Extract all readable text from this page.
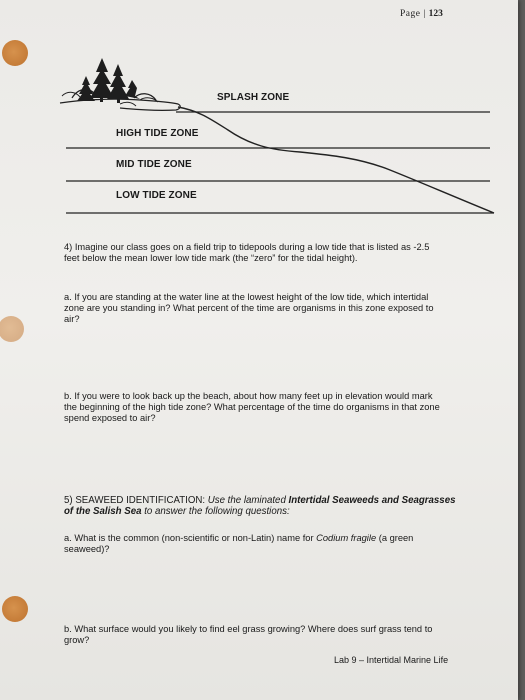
Page | 123
SPLASH ZONE
HIGH TIDE ZONE
MID TIDE ZONE
LOW TIDE ZONE
4) Imagine our class goes on a field trip to tidepools during a low tide that is listed as -2.5 feet below the mean lower low tide mark (the “zero” for the tidal height).
a. If you are standing at the water line at the lowest height of the low tide, which intertidal zone are you standing in? What percent of the time are organisms in this zone exposed to air?
b. If you were to look back up the beach, about how many feet up in elevation would mark the beginning of the high tide zone? What percentage of the time do organisms in that zone spend exposed to air?
5) SEAWEED IDENTIFICATION: Use the laminated Intertidal Seaweeds and Seagrasses of the Salish Sea to answer the following questions:
a. What is the common (non-scientific or non-Latin) name for Codium fragile (a green seaweed)?
b. What surface would you likely to find eel grass growing? Where does surf grass tend to grow?
Lab 9 – Intertidal Marine Life
